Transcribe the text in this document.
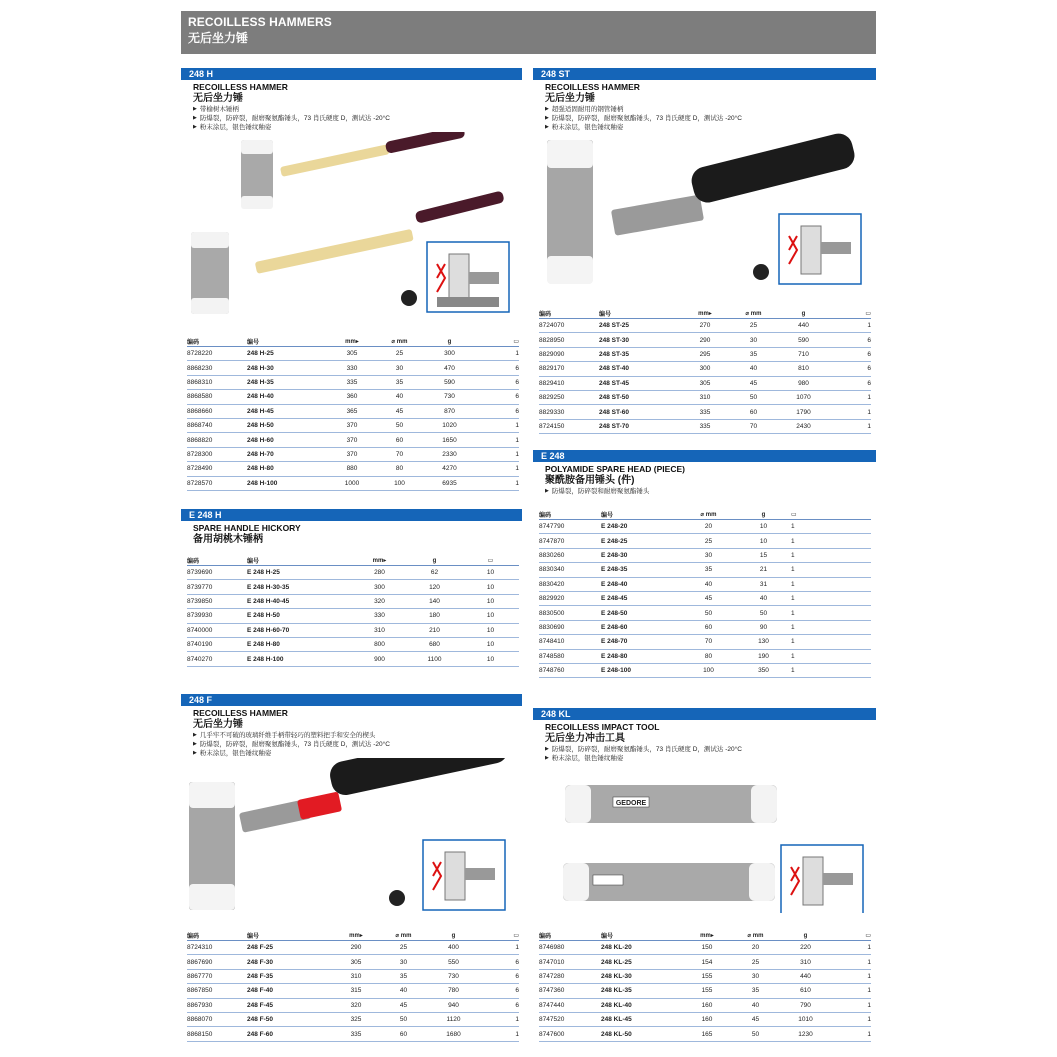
RECOILLESS HAMMERS
无后坐力锤
248 H
RECOILLESS HAMMER
无后坐力锤
▶ 带榆树木锤柄
▶ 防爆裂，防碎裂，耐磨聚氨酯锤头，73 肖氏硬度 D，测试达 -20°C
▶ 粉末涂层，银色锤纹釉姿
编码	编号	mm▸	⌀ mm	g	▭
8728220	248 H-25	305	25	300	1
8868230	248 H-30	330	30	470	6
8868310	248 H-35	335	35	590	6
8868580	248 H-40	360	40	730	6
8868660	248 H-45	365	45	870	6
8868740	248 H-50	370	50	1020	1
8868820	248 H-60	370	60	1650	1
8728300	248 H-70	370	70	2330	1
8728490	248 H-80	880	80	4270	1
8728570	248 H-100	1000	100	6935	1
248 ST
RECOILLESS HAMMER
无后坐力锤
▶ 超强适固耐用的钢管锤柄
▶ 防爆裂，防碎裂，耐磨聚氨酯锤头，73 肖氏硬度 D，测试达 -20°C
▶ 粉末涂层，银色锤纹釉姿
编码	编号	mm▸	⌀ mm	g	▭
8724070	248 ST-25	270	25	440	1
8828950	248 ST-30	290	30	590	6
8829090	248 ST-35	295	35	710	6
8829170	248 ST-40	300	40	810	6
8829410	248 ST-45	305	45	980	6
8829250	248 ST-50	310	50	1070	1
8829330	248 ST-60	335	60	1790	1
8724150	248 ST-70	335	70	2430	1
E 248 H
SPARE HANDLE HICKORY
备用胡桃木锤柄
编码	编号	mm▸	g	▭
8739690	E 248 H-25	280	62	10
8739770	E 248 H-30-35	300	120	10
8739850	E 248 H-40-45	320	140	10
8739930	E 248 H-50	330	180	10
8740000	E 248 H-60-70	310	210	10
8740190	E 248 H-80	800	680	10
8740270	E 248 H-100	900	1100	10
E 248
POLYAMIDE SPARE HEAD (PIECE)
聚酰胺备用锤头 (件)
▶ 防爆裂，防碎裂和耐磨聚氨酯锤头
编码	编号	⌀ mm	g	▭
8747790	E 248-20	20	10	1
8747870	E 248-25	25	10	1
8830260	E 248-30	30	15	1
8830340	E 248-35	35	21	1
8830420	E 248-40	40	31	1
8829920	E 248-45	45	40	1
8830500	E 248-50	50	50	1
8830690	E 248-60	60	90	1
8748410	E 248-70	70	130	1
8748580	E 248-80	80	190	1
8748760	E 248-100	100	350	1
248 F
RECOILLESS HAMMER
无后坐力锤
▶ 几乎牢不可破的玻璃纤维手柄带轻巧的塑料把手和安全的楔头
▶ 防爆裂，防碎裂，耐磨聚氨酯锤头，73 肖氏硬度 D，测试达 -20°C
▶ 粉末涂层，银色锤纹釉姿
编码	编号	mm▸	⌀ mm	g	▭
8724310	248 F-25	290	25	400	1
8867690	248 F-30	305	30	550	6
8867770	248 F-35	310	35	730	6
8867850	248 F-40	315	40	780	6
8867930	248 F-45	320	45	940	6
8868070	248 F-50	325	50	1120	1
8868150	248 F-60	335	60	1680	1
248 KL
RECOILLESS IMPACT TOOL
无后坐力冲击工具
▶ 防爆裂，防碎裂，耐磨聚氨酯锤头，73 肖氏硬度 D，测试达 -20°C
▶ 粉末涂层，银色锤纹釉姿
GEDORE
编码	编号	mm▸	⌀ mm	g	▭
8746980	248 KL-20	150	20	220	1
8747010	248 KL-25	154	25	310	1
8747280	248 KL-30	155	30	440	1
8747360	248 KL-35	155	35	610	1
8747440	248 KL-40	160	40	790	1
8747520	248 KL-45	160	45	1010	1
8747600	248 KL-50	165	50	1230	1
